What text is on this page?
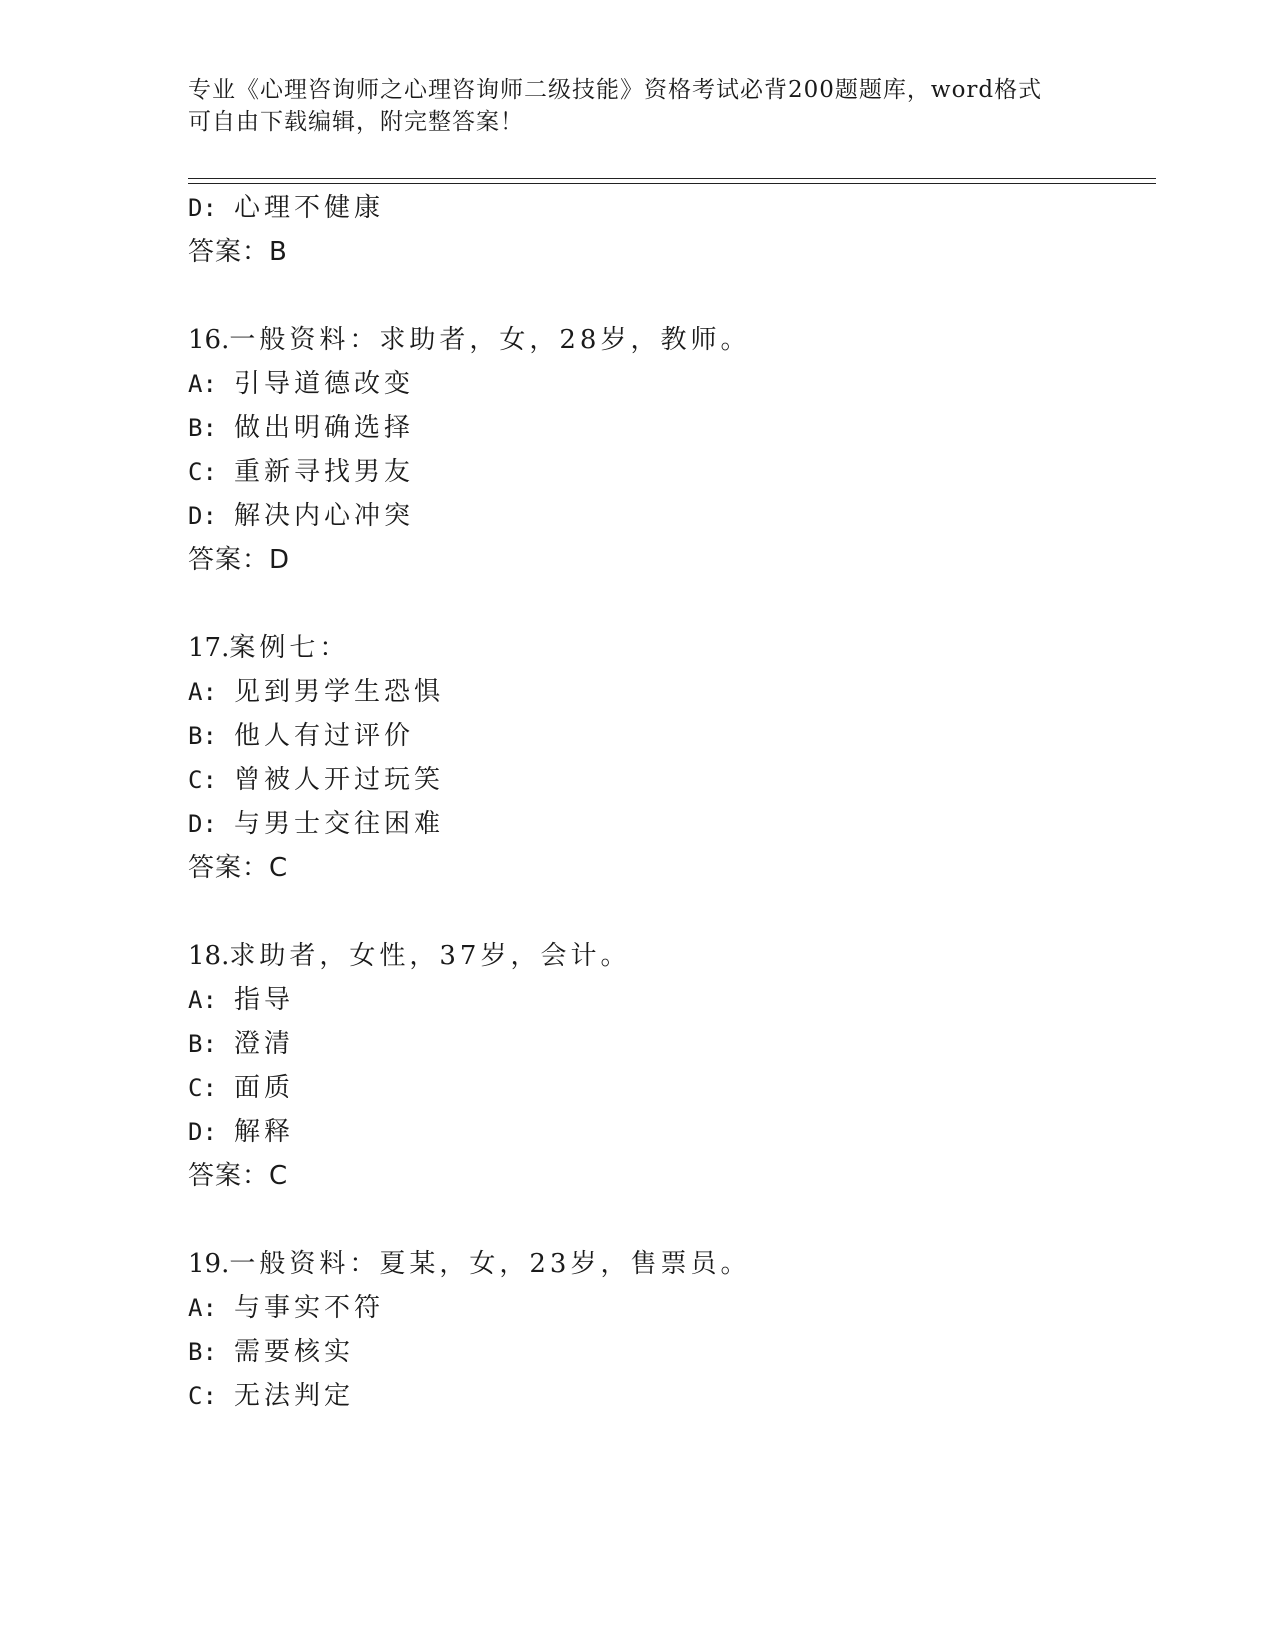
专业《心理咨询师之心理咨询师二级技能》资格考试必背200题题库，word格式
可自由下载编辑，附完整答案！
D: 心理不健康
答案：B
16.一般资料：求助者，女，28岁，教师。
A: 引导道德改变
B: 做出明确选择
C: 重新寻找男友
D: 解决内心冲突
答案：D
17.案例七：
A: 见到男学生恐惧
B: 他人有过评价
C: 曾被人开过玩笑
D: 与男士交往困难
答案：C
18.求助者，女性，37岁，会计。
A: 指导
B: 澄清
C: 面质
D: 解释
答案：C
19.一般资料：夏某，女，23岁，售票员。
A: 与事实不符
B: 需要核实
C: 无法判定
